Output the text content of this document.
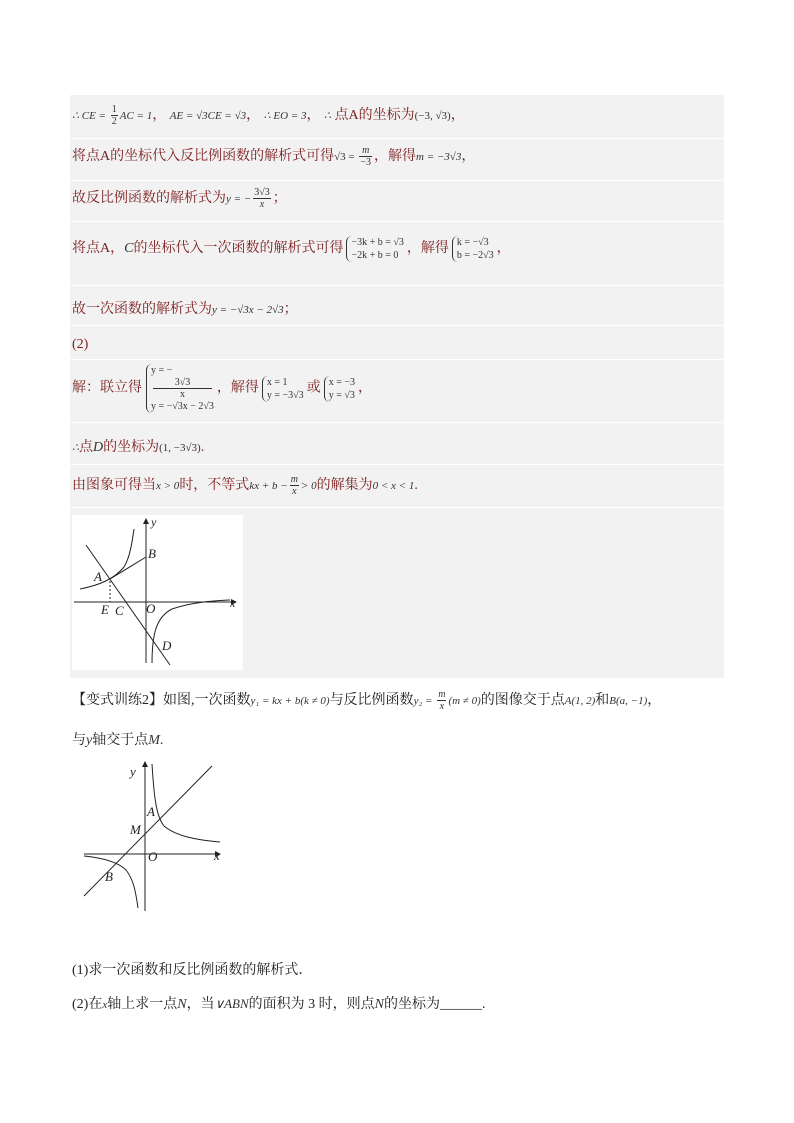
∴ CE = $\frac{1}{2}$ AC = 1， AE = √3CE = √3， ∴ EO = 3， ∴ 点A的坐标为(−3, √3)，
将点A的坐标代入反比例函数的解析式可得$√3 = \frac{m}{-3}$ ，解得m = −3√3，
故反比例函数的解析式为y = − $\frac{3√3}{x}$ ；
将点A，C的坐标代入一次函数的解析式可得 −3k + b = √3
−2k + b = 0 ，解得 k = −√3
b = −2√3 ，
故一次函数的解析式为y = −√3x − 2√3；
(2)
解：联立得
y = −
3√3
x
y = −√3x − 2√3
，解得 x = 1
y = −3√3 或 x = −3
y = √3 ，
∴点D的坐标为(1, −3√3).
由图象可得当x > 0时，不等式kx + $b - \frac{m}{x} > 0$的解集为0 < x < 1.
y
x
A
B
E C O
D
【变式训练2】如图,一次函数y₁ = kx + b(k ≠ 0)与反比例函数$y_2 = \frac{m}{x} (m \ne 0)$的图像交于点A(1, 2)和B(a, −1)，
与y轴交于点M.
y
x
A
M
O
B
(1)求一次函数和反比例函数的解析式．
(2)在x轴上求一点N，当∨ABN的面积为 3 时，则点N的坐标为______.
